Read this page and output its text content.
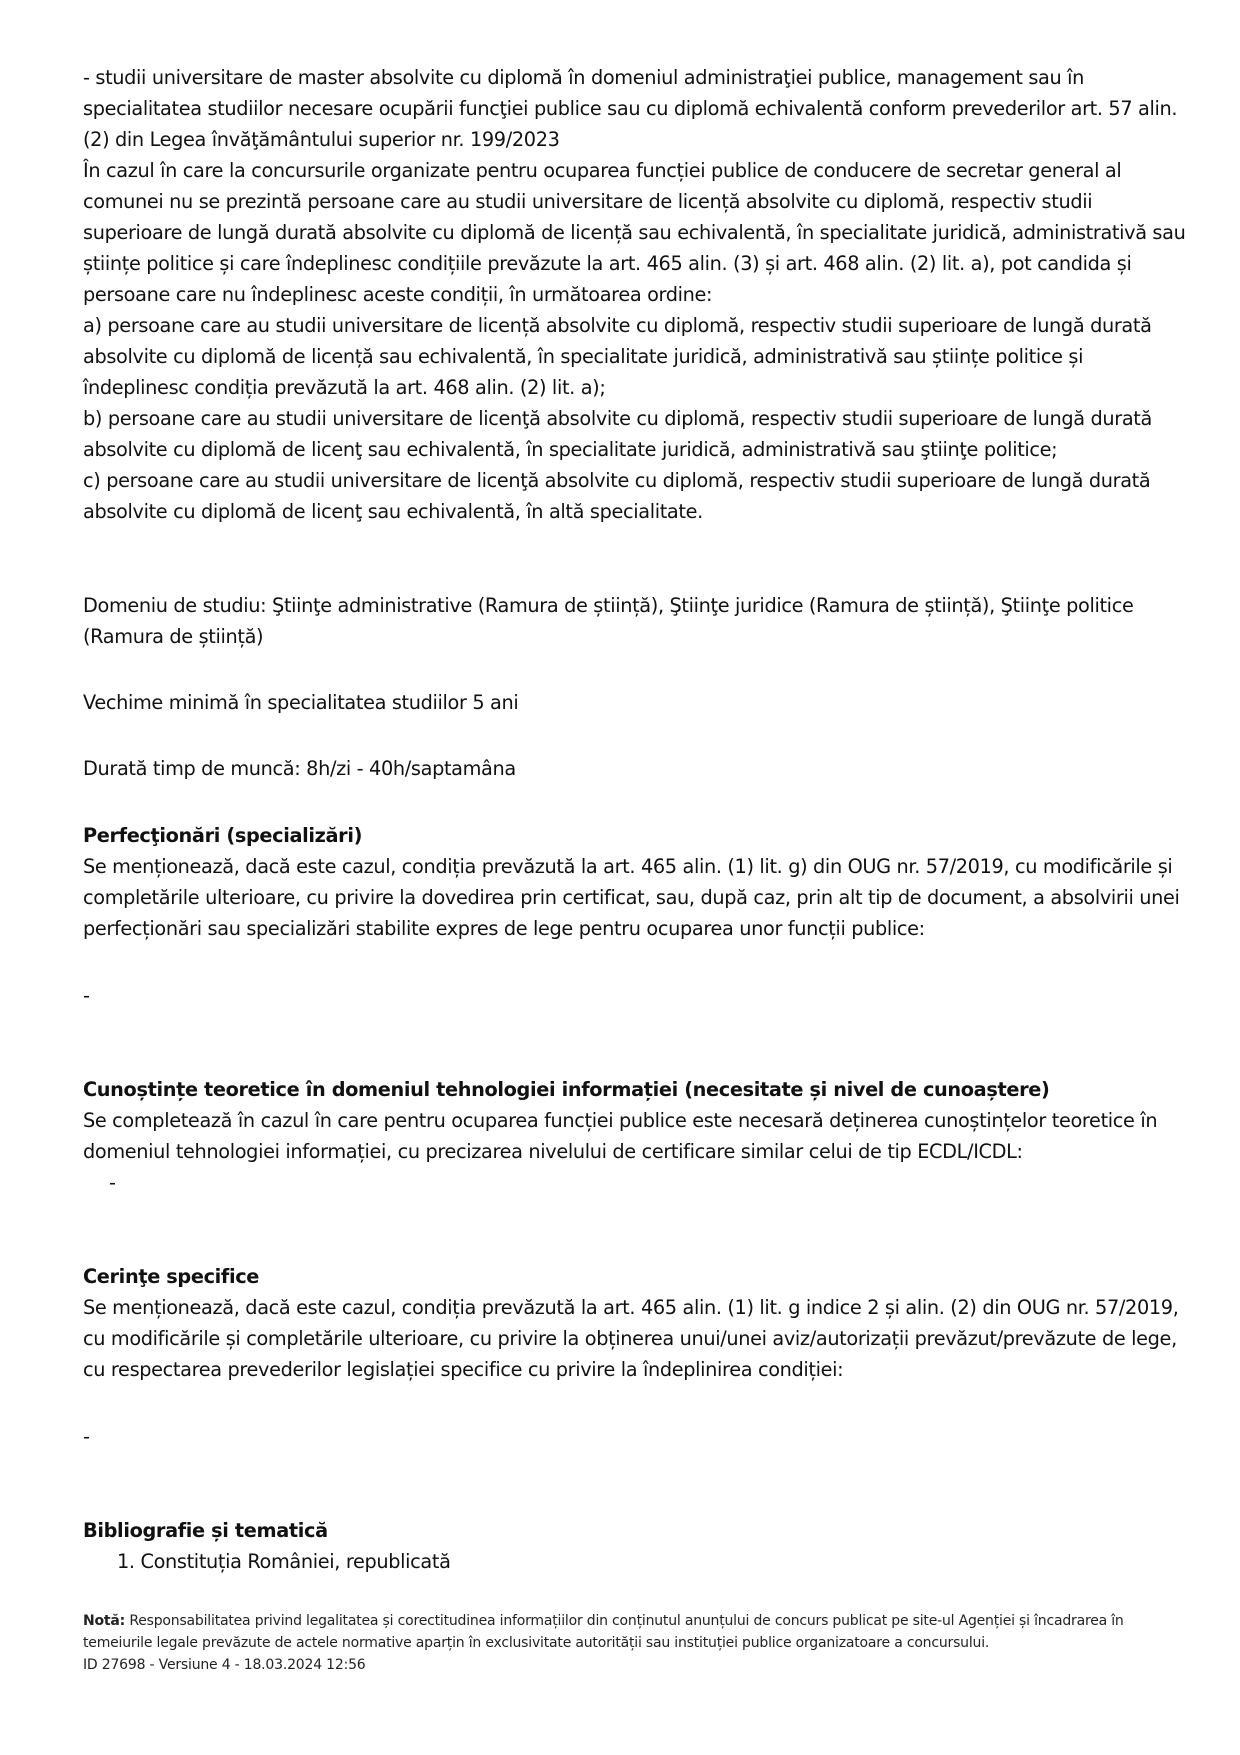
- studii universitare de master absolvite cu diplomă în domeniul administraţiei publice, management sau în specialitatea studiilor necesare ocupării funcţiei publice sau cu diplomă echivalentă conform prevederilor art. 57 alin. (2) din Legea învăţământului superior nr. 199/2023

În cazul în care la concursurile organizate pentru ocuparea funcției publice de conducere de secretar general al comunei nu se prezintă persoane care au studii universitare de licență absolvite cu diplomă, respectiv studii superioare de lungă durată absolvite cu diplomă de licență sau echivalentă, în specialitate juridică, administrativă sau științe politice și care îndeplinesc condițiile prevăzute la art. 465 alin. (3) și art. 468 alin. (2) lit. a), pot candida și persoane care nu îndeplinesc aceste condiții, în următoarea ordine:

a) persoane care au studii universitare de licență absolvite cu diplomă, respectiv studii superioare de lungă durată absolvite cu diplomă de licență sau echivalentă, în specialitate juridică, administrativă sau științe politice și îndeplinesc condiția prevăzută la art. 468 alin. (2) lit. a);

b) persoane care au studii universitare de licenţă absolvite cu diplomă, respectiv studii superioare de lungă durată absolvite cu diplomă de licenţ sau echivalentă, în specialitate juridică, administrativă sau ştiinţe politice;

c) persoane care au studii universitare de licenţă absolvite cu diplomă, respectiv studii superioare de lungă durată absolvite cu diplomă de licenţ sau echivalentă, în altă specialitate.

Domeniu de studiu: Ştiinţe administrative (Ramura de știință), Ştiinţe juridice (Ramura de știință), Ştiinţe politice (Ramura de știință)

Vechime minimă în specialitatea studiilor 5 ani

Durată timp de muncă: 8h/zi - 40h/saptamâna

Perfecţionări (specializări)

Se menționează, dacă este cazul, condiția prevăzută la art. 465 alin. (1) lit. g) din OUG nr. 57/2019, cu modificările și completările ulterioare, cu privire la dovedirea prin certificat, sau, după caz, prin alt tip de document, a absolvirii unei perfecționări sau specializări stabilite expres de lege pentru ocuparea unor funcții publice:

-

Cunoștințe teoretice în domeniul tehnologiei informației (necesitate și nivel de cunoaștere)

Se completează în cazul în care pentru ocuparea funcției publice este necesară deținerea cunoștințelor teoretice în domeniul tehnologiei informației, cu precizarea nivelului de certificare similar celui de tip ECDL/ICDL:

-

Cerinţe specifice

Se menționează, dacă este cazul, condiția prevăzută la art. 465 alin. (1) lit. g indice 2 și alin. (2) din OUG nr. 57/2019, cu modificările și completările ulterioare, cu privire la obținerea unui/unei aviz/autorizații prevăzut/prevăzute de lege, cu respectarea prevederilor legislației specifice cu privire la îndeplinirea condiției:

-

Bibliografie și tematică

1. Constituția României, republicată

Notă: Responsabilitatea privind legalitatea și corectitudinea informațiilor din conținutul anunțului de concurs publicat pe site-ul Agenției și încadrarea în temeiurile legale prevăzute de actele normative aparțin în exclusivitate autorității sau instituției publice organizatoare a concursului.
ID 27698 - Versiune 4 - 18.03.2024 12:56
